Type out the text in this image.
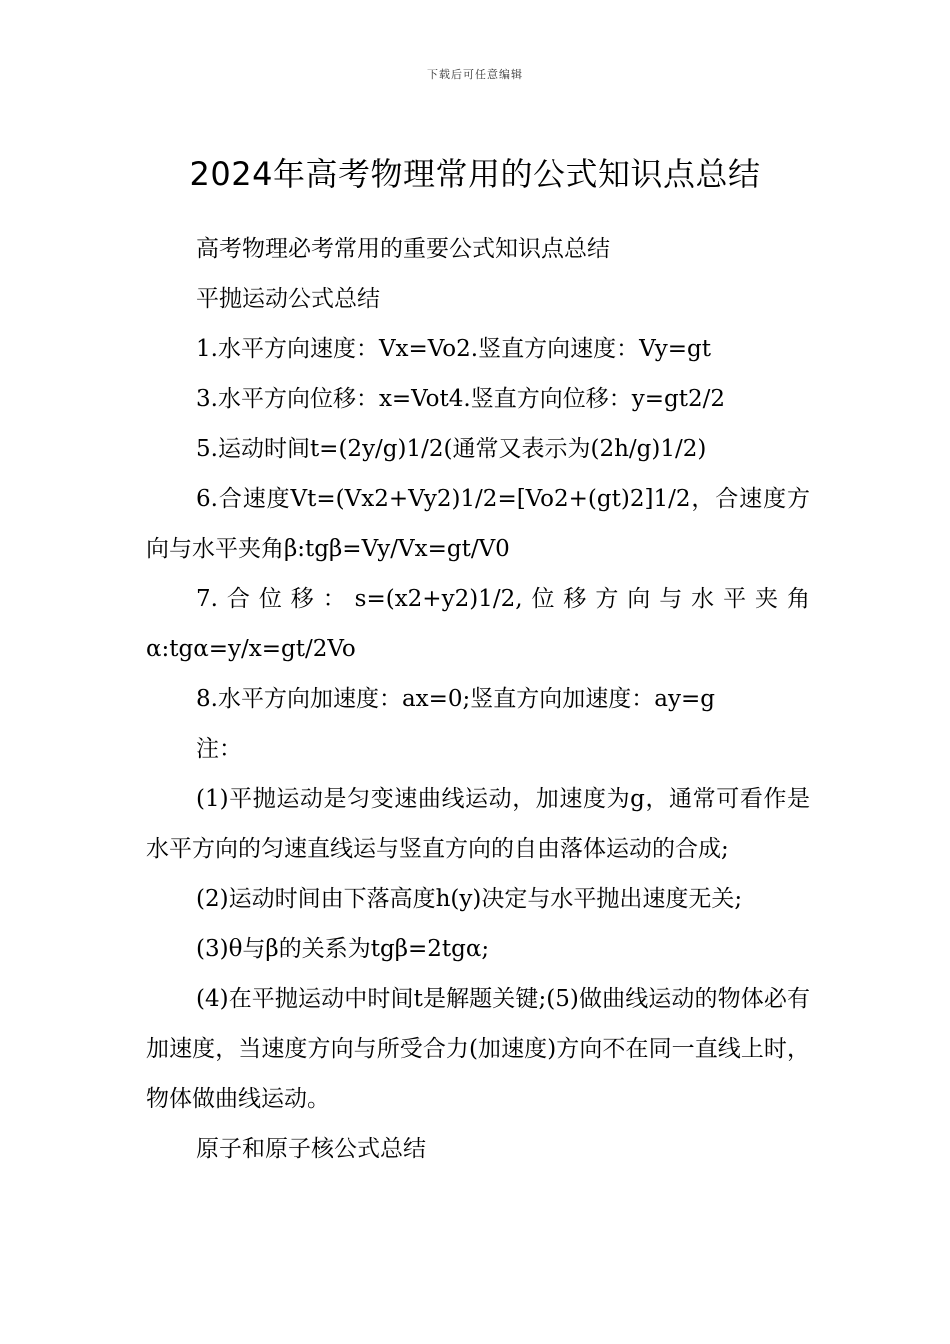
下载后可任意编辑
2024年高考物理常用的公式知识点总结

高考物理必考常用的重要公式知识点总结

平抛运动公式总结

1.水平方向速度：Vx=Vo2.竖直方向速度：Vy=gt

3.水平方向位移：x=Vot4.竖直方向位移：y=gt2/2

5.运动时间t=(2y/g)1/2(通常又表示为(2h/g)1/2)

6.合速度Vt=(Vx2+Vy2)1/2=[Vo2+(gt)2]1/2，合速度方向与水平夹角β:tgβ=Vy/Vx=gt/V0

7.合位移：s=(x2+y2)1/2,位移方向与水平夹角α:tgα=y/x=gt/2Vo

8.水平方向加速度：ax=0;竖直方向加速度：ay=g

注：

(1)平抛运动是匀变速曲线运动，加速度为g，通常可看作是水平方向的匀速直线运与竖直方向的自由落体运动的合成;

(2)运动时间由下落高度h(y)决定与水平抛出速度无关;

(3)θ与β的关系为tgβ=2tgα;

(4)在平抛运动中时间t是解题关键;(5)做曲线运动的物体必有加速度，当速度方向与所受合力(加速度)方向不在同一直线上时，物体做曲线运动。

原子和原子核公式总结
